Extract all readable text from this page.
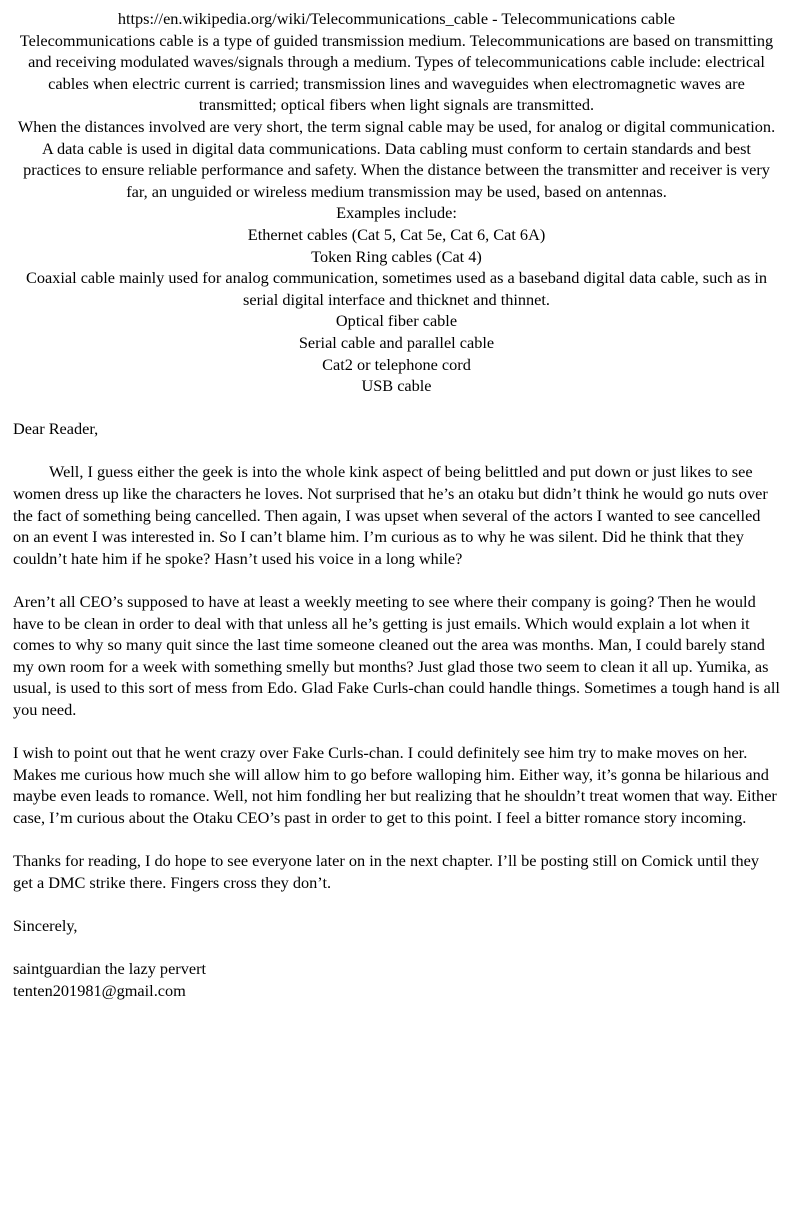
https://en.wikipedia.org/wiki/Telecommunications_cable - Telecommunications cable

Telecommunications cable is a type of guided transmission medium. Telecommunications are based on transmitting and receiving modulated waves/signals through a medium. Types of telecommunications cable include: electrical cables when electric current is carried; transmission lines and waveguides when electromagnetic waves are transmitted; optical fibers when light signals are transmitted.

When the distances involved are very short, the term signal cable may be used, for analog or digital communication. A data cable is used in digital data communications. Data cabling must conform to certain standards and best practices to ensure reliable performance and safety. When the distance between the transmitter and receiver is very far, an unguided or wireless medium transmission may be used, based on antennas.

Examples include:

Ethernet cables (Cat 5, Cat 5e, Cat 6, Cat 6A)

Token Ring cables (Cat 4)

Coaxial cable mainly used for analog communication, sometimes used as a baseband digital data cable, such as in serial digital interface and thicknet and thinnet.

Optical fiber cable

Serial cable and parallel cable

Cat2 or telephone cord

USB cable

Dear Reader,

Well, I guess either the geek is into the whole kink aspect of being belittled and put down or just likes to see women dress up like the characters he loves. Not surprised that he’s an otaku but didn’t think he would go nuts over the fact of something being cancelled. Then again, I was upset when several of the actors I wanted to see cancelled on an event I was interested in. So I can’t blame him. I’m curious as to why he was silent. Did he think that they couldn’t hate him if he spoke? Hasn’t used his voice in a long while?

Aren’t all CEO’s supposed to have at least a weekly meeting to see where their company is going? Then he would have to be clean in order to deal with that unless all he’s getting is just emails. Which would explain a lot when it comes to why so many quit since the last time someone cleaned out the area was months. Man, I could barely stand my own room for a week with something smelly but months? Just glad those two seem to clean it all up. Yumika, as usual, is used to this sort of mess from Edo. Glad Fake Curls-chan could handle things. Sometimes a tough hand is all you need.

I wish to point out that he went crazy over Fake Curls-chan. I could definitely see him try to make moves on her. Makes me curious how much she will allow him to go before walloping him. Either way, it’s gonna be hilarious and maybe even leads to romance. Well, not him fondling her but realizing that he shouldn’t treat women that way. Either case, I’m curious about the Otaku CEO’s past in order to get to this point. I feel a bitter romance story incoming.

Thanks for reading, I do hope to see everyone later on in the next chapter. I’ll be posting still on Comick until they get a DMC strike there. Fingers cross they don’t.

Sincerely,

saintguardian the lazy pervert

tenten201981@gmail.com
